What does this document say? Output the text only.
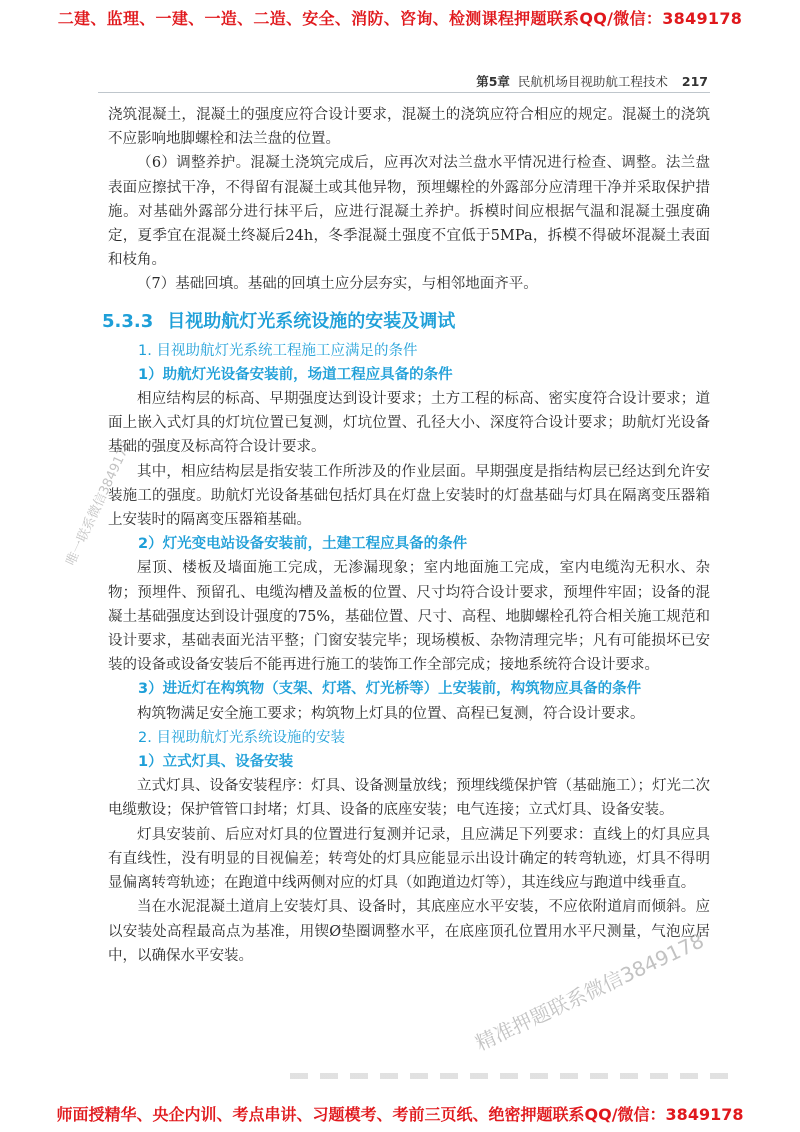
二建、监理、一建、一造、二造、安全、消防、咨询、检测课程押题联系QQ/微信：3849178
第5章 民航机场目视助航工程技术 217

浇筑混凝土，混凝土的强度应符合设计要求，混凝土的浇筑应符合相应的规定。混凝土的浇筑不应影响地脚螺栓和法兰盘的位置。

（6）调整养护。混凝土浇筑完成后，应再次对法兰盘水平情况进行检查、调整。法兰盘表面应擦拭干净，不得留有混凝土或其他异物，预埋螺栓的外露部分应清理干净并采取保护措施。对基础外露部分进行抹平后，应进行混凝土养护。拆模时间应根据气温和混凝土强度确定，夏季宜在混凝土终凝后24h，冬季混凝土强度不宜低于5MPa，拆模不得破坏混凝土表面和枝角。

（7）基础回填。基础的回填土应分层夯实，与相邻地面齐平。

5.3.3 目视助航灯光系统设施的安装及调试
1. 目视助航灯光系统工程施工应满足的条件
1）助航灯光设备安装前，场道工程应具备的条件

相应结构层的标高、早期强度达到设计要求；土方工程的标高、密实度符合设计要求；道面上嵌入式灯具的灯坑位置已复测，灯坑位置、孔径大小、深度符合设计要求；助航灯光设备基础的强度及标高符合设计要求。

其中，相应结构层是指安装工作所涉及的作业层面。早期强度是指结构层已经达到允许安装施工的强度。助航灯光设备基础包括灯具在灯盘上安装时的灯盘基础与灯具在隔离变压器箱上安装时的隔离变压器箱基础。

2）灯光变电站设备安装前，土建工程应具备的条件

屋顶、楼板及墙面施工完成，无渗漏现象；室内地面施工完成，室内电缆沟无积水、杂物；预埋件、预留孔、电缆沟槽及盖板的位置、尺寸均符合设计要求，预埋件牢固；设备的混凝土基础强度达到设计强度的75%，基础位置、尺寸、高程、地脚螺栓孔符合相关施工规范和设计要求，基础表面光洁平整；门窗安装完毕；现场模板、杂物清理完毕；凡有可能损坏已安装的设备或设备安装后不能再进行施工的装饰工作全部完成；接地系统符合设计要求。

3）进近灯在构筑物（支架、灯塔、灯光桥等）上安装前，构筑物应具备的条件

构筑物满足安全施工要求；构筑物上灯具的位置、高程已复测，符合设计要求。

2. 目视助航灯光系统设施的安装
1）立式灯具、设备安装

立式灯具、设备安装程序：灯具、设备测量放线；预埋线缆保护管（基础施工）；灯光二次电缆敷设；保护管管口封堵；灯具、设备的底座安装；电气连接；立式灯具、设备安装。

灯具安装前、后应对灯具的位置进行复测并记录，且应满足下列要求：直线上的灯具应具有直线性，没有明显的目视偏差；转弯处的灯具应能显示出设计确定的转弯轨迹，灯具不得明显偏离转弯轨迹；在跑道中线两侧对应的灯具（如跑道边灯等），其连线应与跑道中线垂直。

当在水泥混凝土道肩上安装灯具、设备时，其底座应水平安装，不应依附道肩而倾斜。应以安装处高程最高点为基准，用锲Ø垫圈调整水平，在底座顶孔位置用水平尺测量，气泡应居中，以确保水平安装。

唯一联系微信3849178
精准押题联系微信3849178
师面授精华、央企内训、考点串讲、习题模考、考前三页纸、绝密押题联系QQ/微信：3849178
